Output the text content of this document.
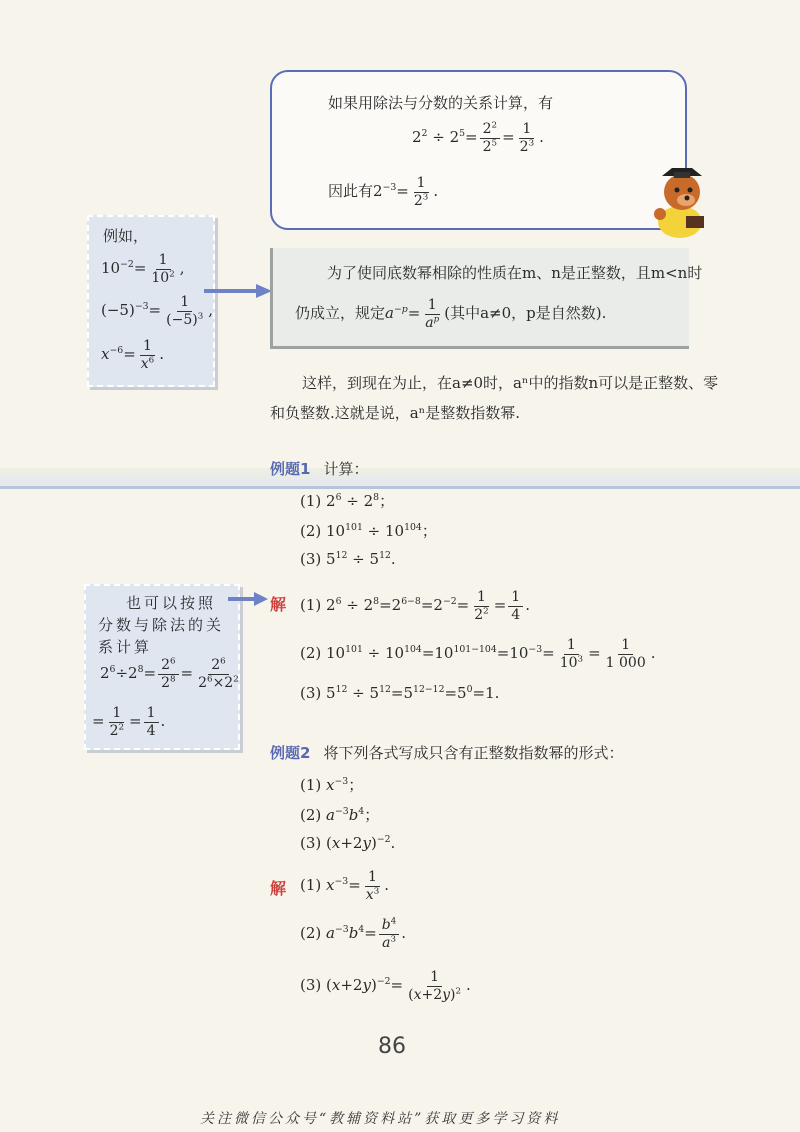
如果用除法与分数的关系计算，有
$2^2 \div 2^5= \frac{2^2}{2^5} = \frac{1}{2^3}$ .
因此有$2^{-3}= \frac{1}{2^3}$ .
例如，
$10^{-2}= \frac{1}{10^2}$ ,
$(-5)^{-3}= \frac{1}{(-5)^3}$ ,
$x^{-6}= \frac{1}{x^6}$ .
为了使同底数幂相除的性质在m、n是正整数，且m<n时
仍成立，规定$a^{-p}= \frac{1}{a^p}$ (其中a≠0，p是自然数).
这样，到现在为止，在a≠0时，aⁿ中的指数n可以是正整数、零
和负整数.这就是说，aⁿ是整数指数幂.
例题1 计算：
(1) $2^6 \div 2^8$；
(2) $10^{101} \div 10^{104}$；
(3) $5^{12} \div 5^{12}$.
也可以按照分数与除法的关系计算
$2^6\div 2^8= \frac{2^6}{2^8} = \frac{2^6}{2^6\times 2^2}$
= $\frac{1}{2^2} = \frac{1}{4}$ .
解 (1) $2^6 \div 2^8=2^{6-8}=2^{-2}= \frac{1}{2^2} = \frac{1}{4}$ .
(2) $10^{101} \div 10^{104}=10^{101-104}=10^{-3}= \frac{1}{10^3} = \frac{1}{1 000}$ .
(3) $5^{12} \div 5^{12}=5^{12-12}=5^0=1$.
例题2 将下列各式写成只含有正整数指数幂的形式：
(1) $x^{-3}$；
(2) $a^{-3}b^4$；
(3) $(x+2y)^{-2}$.
解 (1) $x^{-3}= \frac{1}{x^3}$ .
(2) $a^{-3}b^4= \frac{b^4}{a^3}$ .
(3) $(x+2y)^{-2}= \frac{1}{(x+2y)^2}$ .
86
关注微信公众号“教辅资料站”获取更多学习资料
